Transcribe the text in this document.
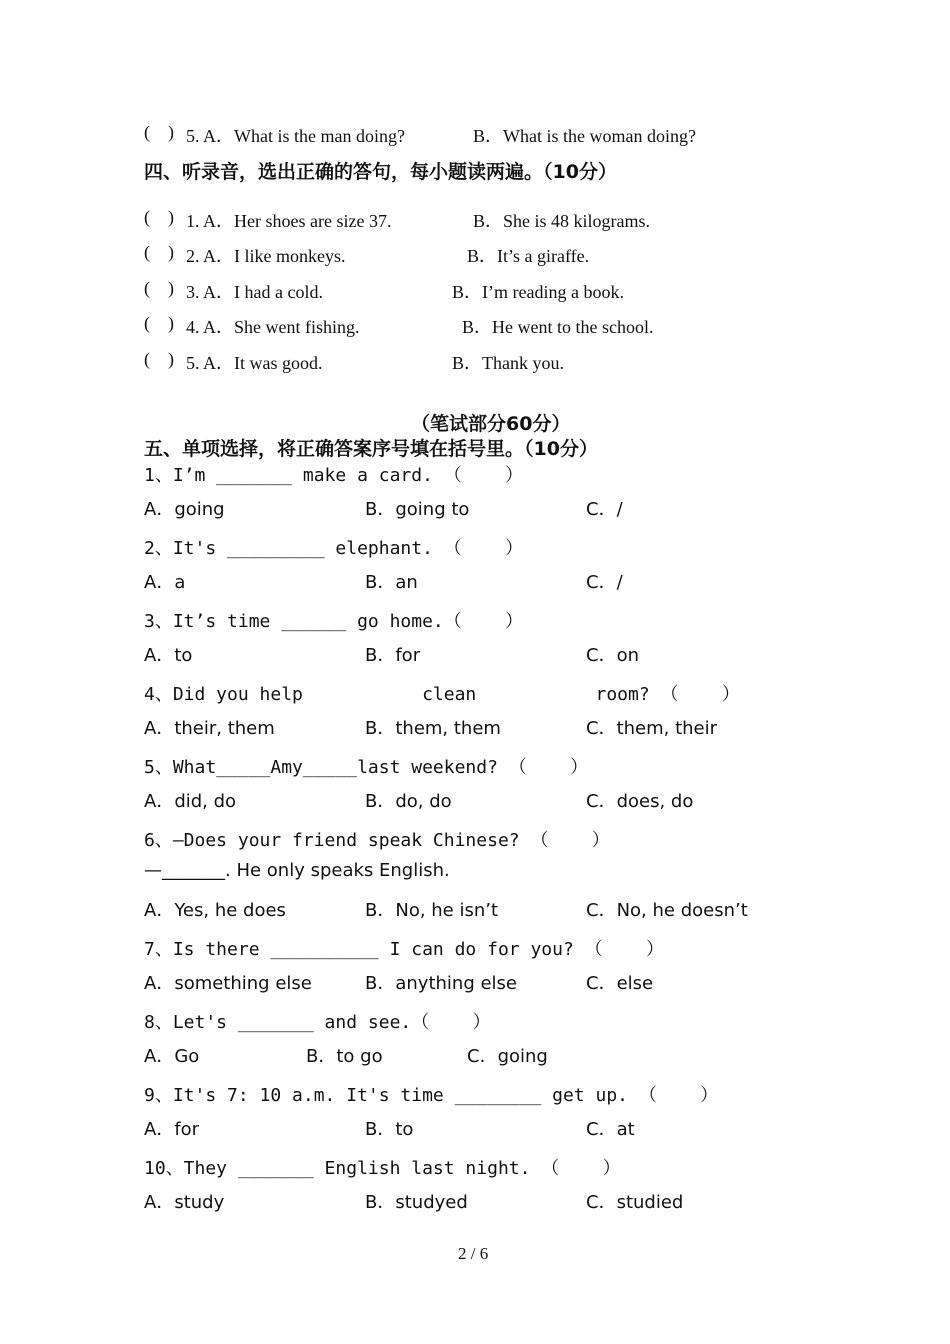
(    ) 5. A．What is the man doing?	B．What is the woman doing?
四、听录音，选出正确的答句，每小题读两遍。（10分）
(    ) 1. A．Her shoes are size 37.	B．She is 48 kilograms.
(    ) 2. A．I like monkeys.	B．It’s a giraffe.
(    ) 3. A．I had a cold.	B．I’m reading a book.
(    ) 4. A．She went fishing.	B．He went to the school.
(    ) 5. A．It was good.	B．Thank you.
（笔试部分60分）
五、单项选择，将正确答案序号填在括号里。（10分）
1、I’m _______ make a card. （    ）
A．going	B．going to	C．/
2、It's _________ elephant. （    ）
A．a	B．an	C．/
3、It’s time ______ go home.（    ）
A．to	B．for	C．on
4、Did you help           clean           room? （    ）
A．their, them	B．them, them	C．them, their
5、What_____Amy_____last weekend? （    ）
A．did, do	B．do, do	C．does, do
6、—Does your friend speak Chinese? （    ）
—_______. He only speaks English.
A．Yes, he does	B．No, he isn’t	C．No, he doesn’t
7、Is there __________ I can do for you? （    ）
A．something else	B．anything else	C．else
8、Let's _______ and see.（    ）
A．Go	B．to go	C．going
9、It's 7: 10 a.m. It's time ________ get up. （    ）
A．for	B．to	C．at
10、They _______ English last night. （    ）
A．study	B．studyed	C．studied
2 / 6
